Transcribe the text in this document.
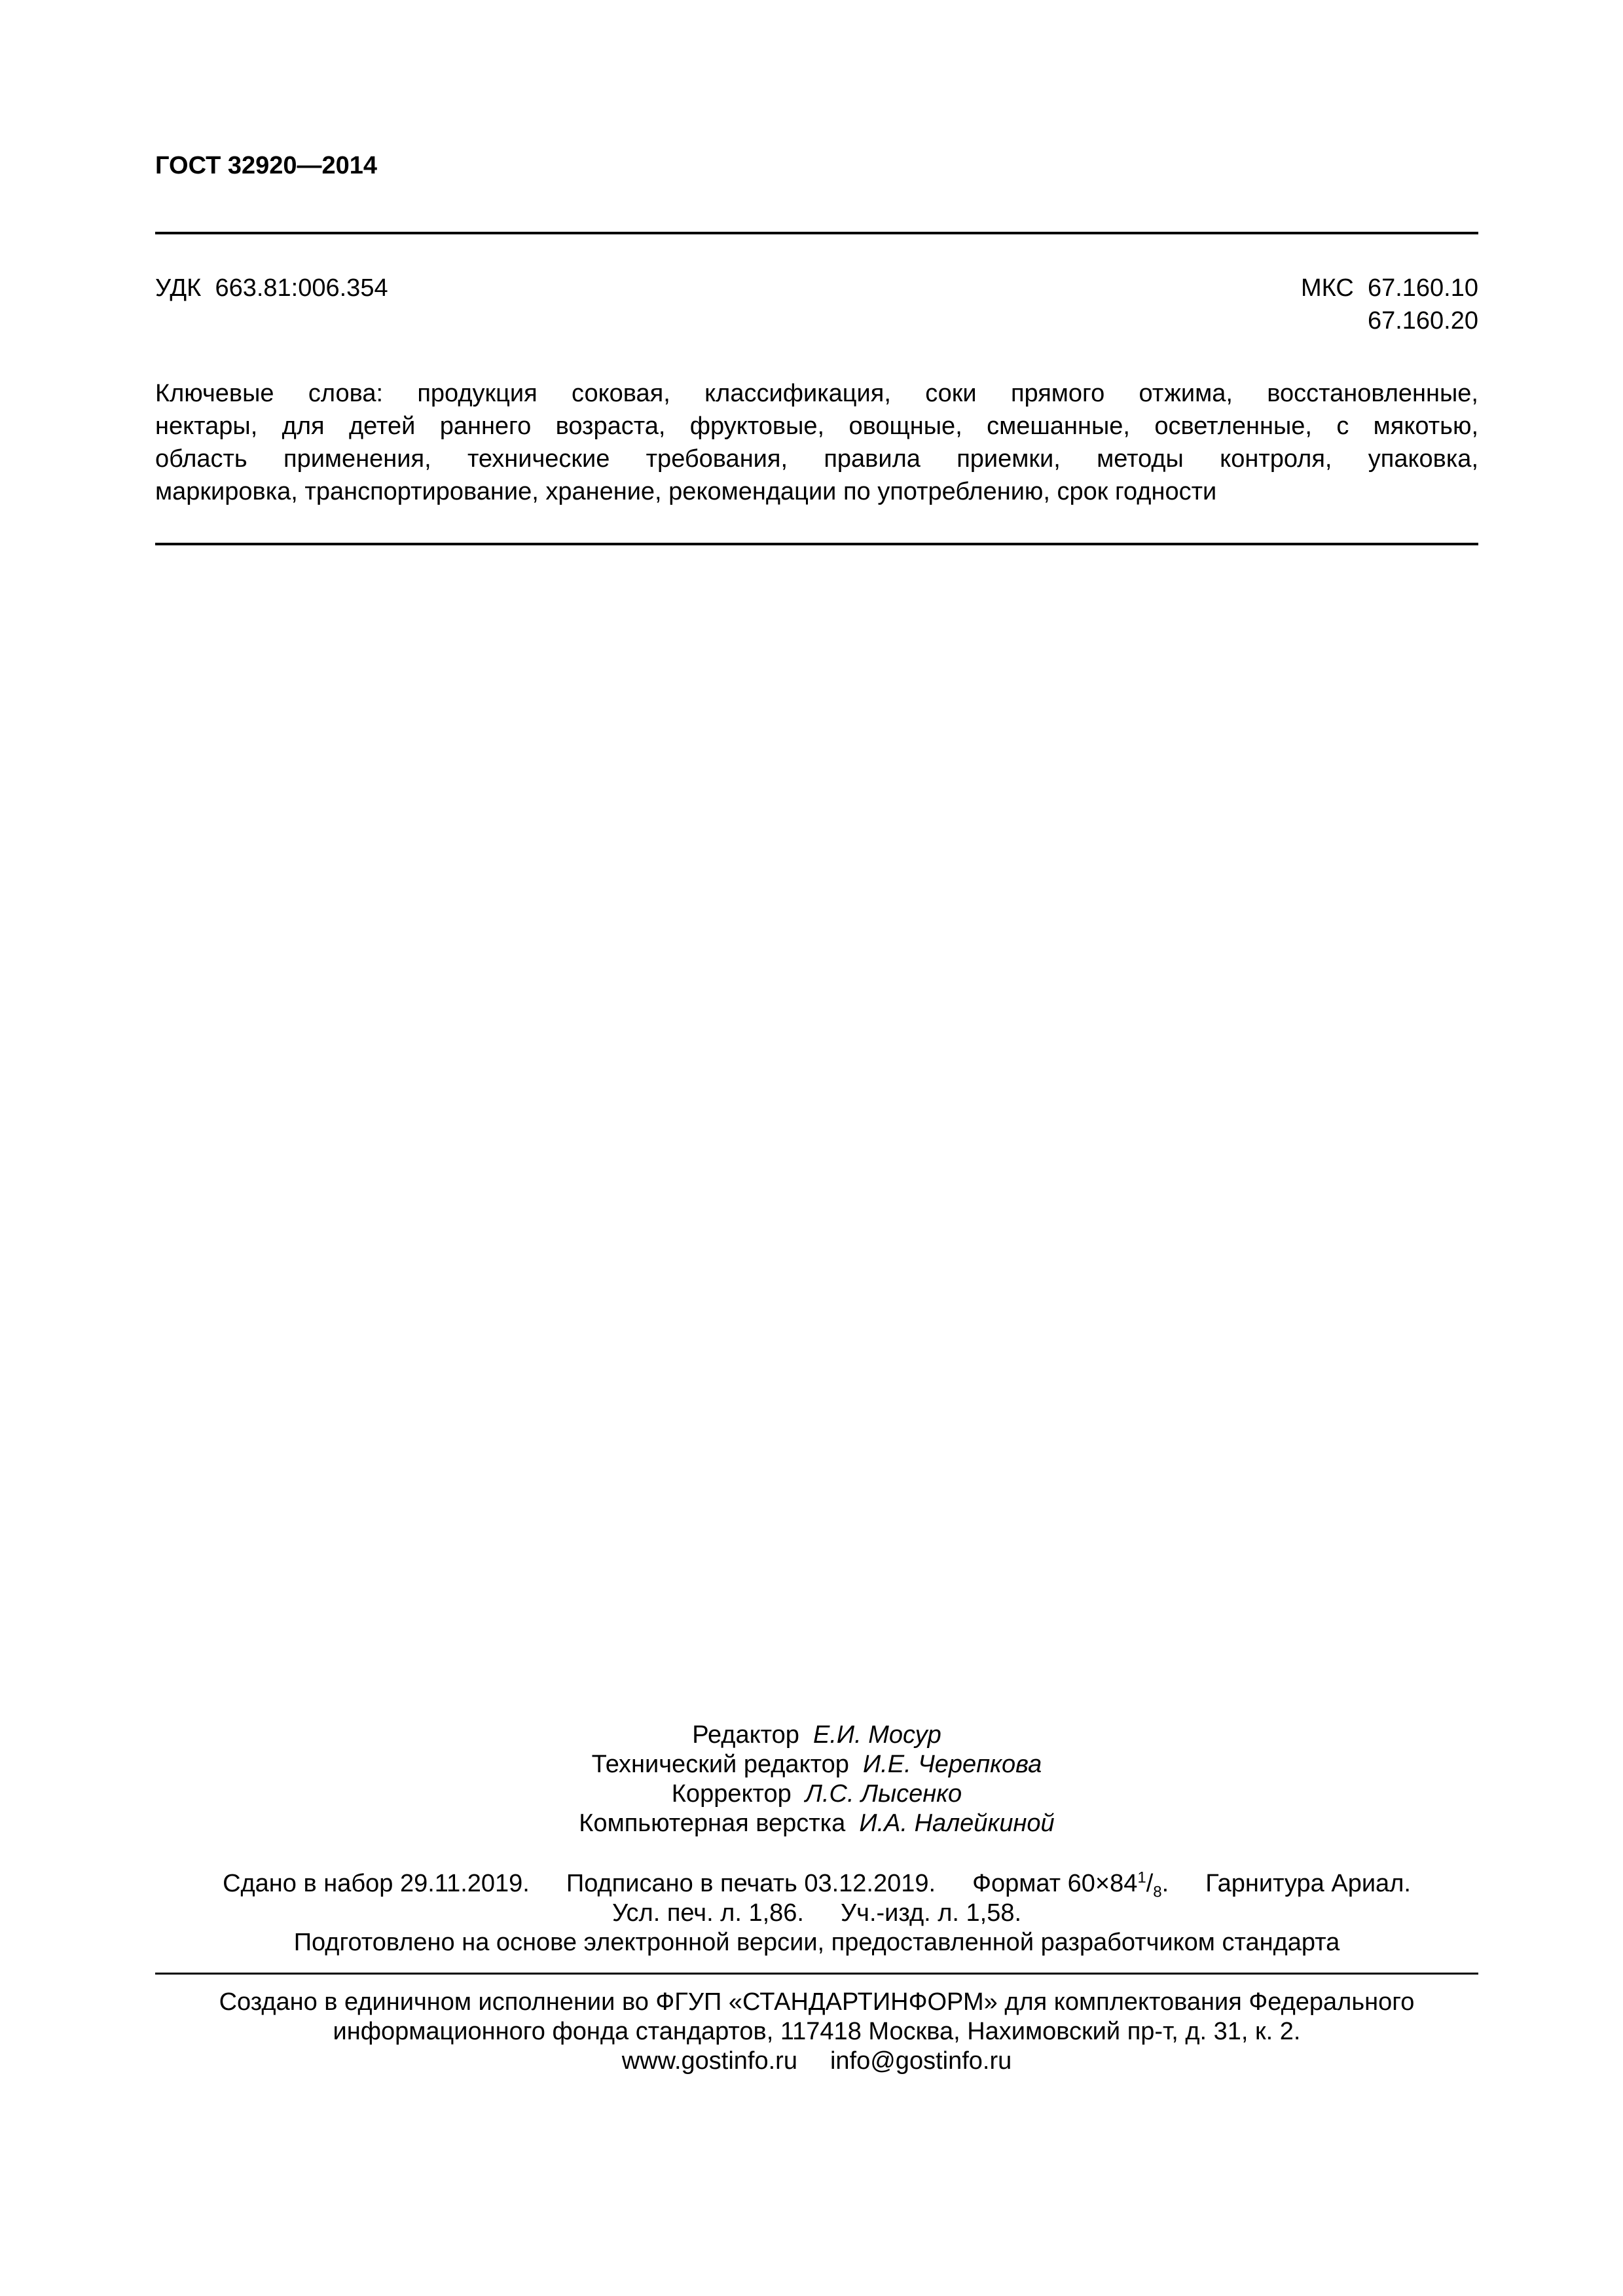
ГОСТ 32920—2014
УДК 663.81:006.354	МКС 67.160.10
67.160.20
Ключевые слова: продукция соковая, классификация, соки прямого отжима, восстановленные,
нектары, для детей раннего возраста, фруктовые, овощные, смешанные, осветленные, с мякотью,
область применения, технические требования, правила приемки, методы контроля, упаковка,
маркировка, транспортирование, хранение, рекомендации по употреблению, срок годности
Редактор Е.И. Мосур
Технический редактор И.Е. Черепкова
Корректор Л.С. Лысенко
Компьютерная верстка И.А. Налейкиной
Сдано в набор 29.11.2019. Подписано в печать 03.12.2019. Формат $60\times 84^1/_8$. Гарнитура Ариал.
Усл. печ. л. 1,86. Уч.-изд. л. 1,58.
Подготовлено на основе электронной версии, предоставленной разработчиком стандарта
Создано в единичном исполнении во ФГУП «СТАНДАРТИНФОРМ» для комплектования Федерального
информационного фонда стандартов, 117418 Москва, Нахимовский пр-т, д. 31, к. 2.
www.gostinfo.ru info@gostinfo.ru
